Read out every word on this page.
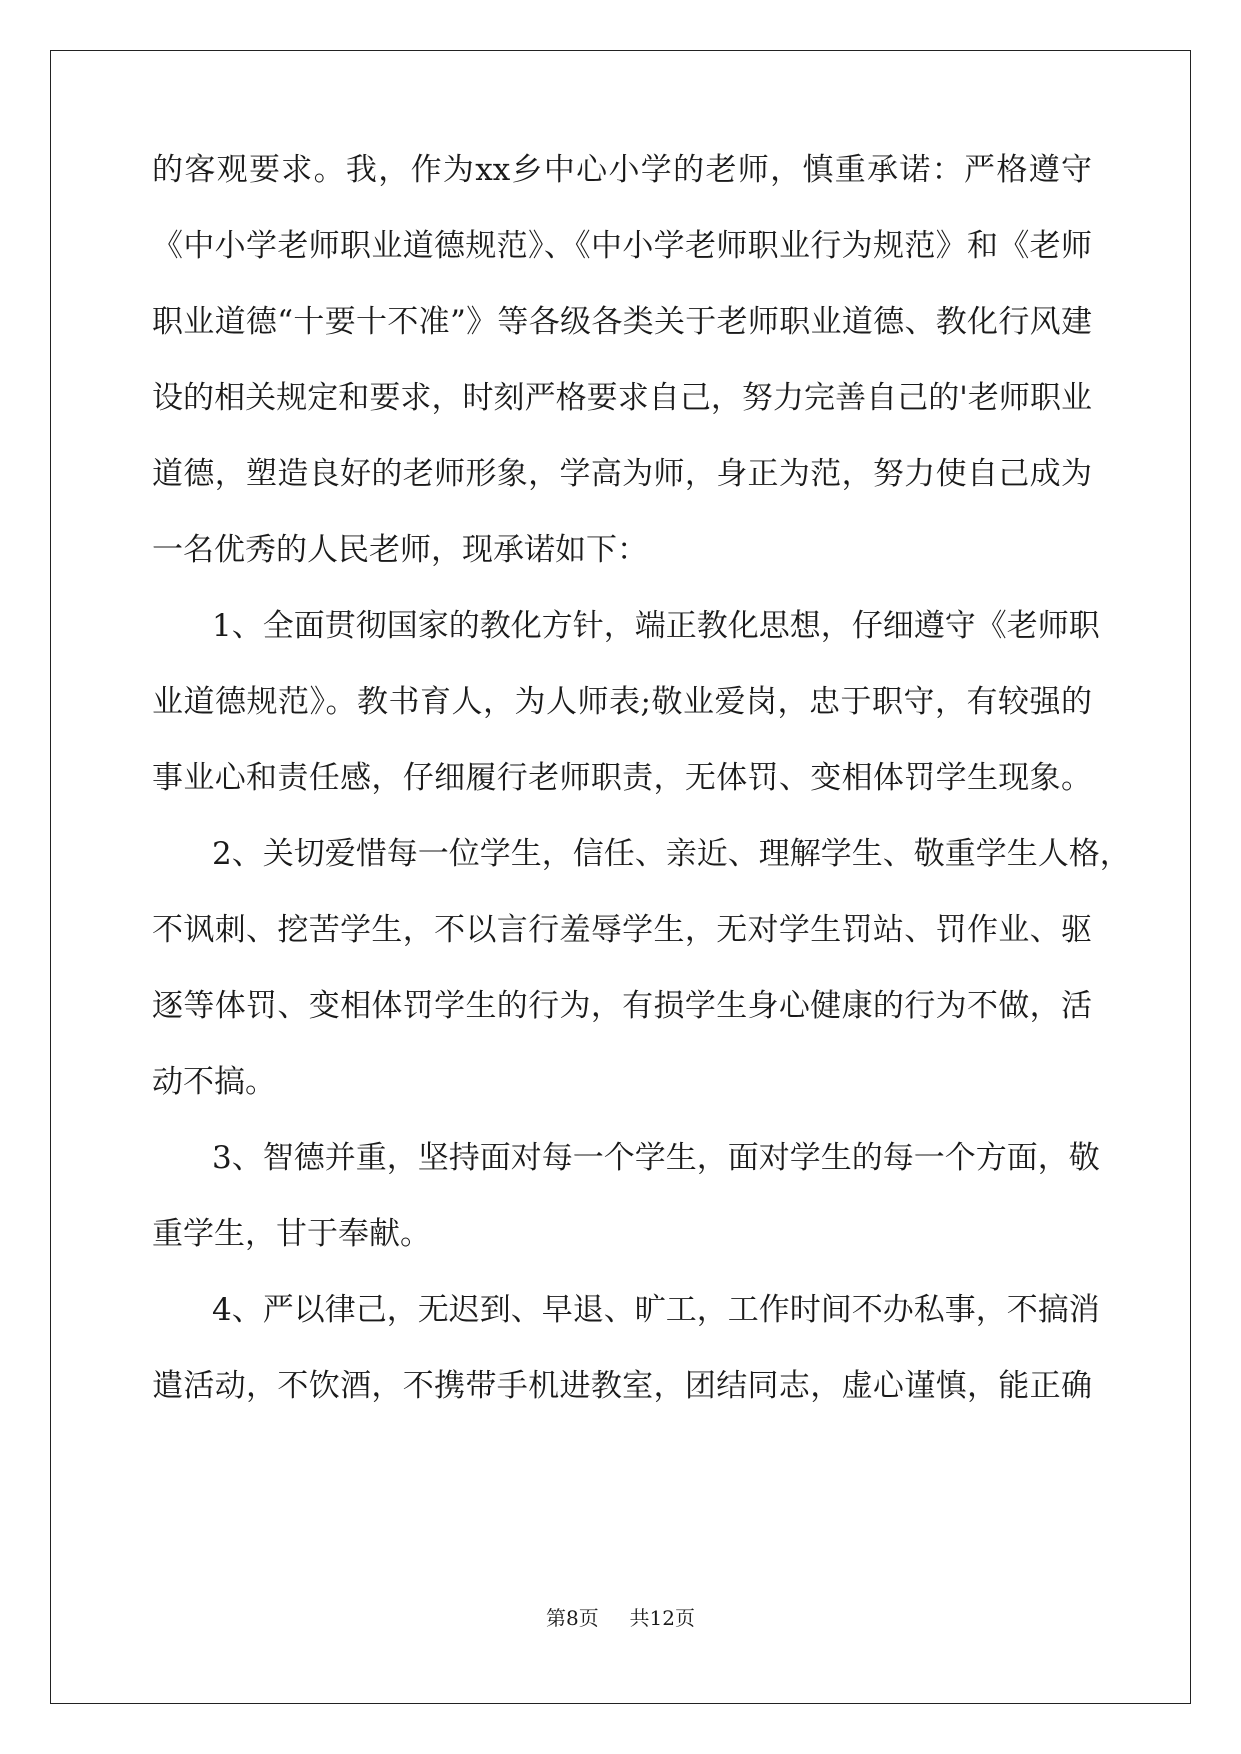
的客观要求。我，作为xx乡中心小学的老师，慎重承诺：严格遵守
《中小学老师职业道德规范》、《中小学老师职业行为规范》和《老师
职业道德“十要十不准”》等各级各类关于老师职业道德、教化行风建
设的相关规定和要求，时刻严格要求自己，努力完善自己的'老师职业
道德，塑造良好的老师形象，学高为师，身正为范，努力使自己成为
一名优秀的人民老师，现承诺如下：
1、全面贯彻国家的教化方针，端正教化思想，仔细遵守《老师职
业道德规范》。教书育人，为人师表;敬业爱岗，忠于职守，有较强的
事业心和责任感，仔细履行老师职责，无体罚、变相体罚学生现象。
2、关切爱惜每一位学生，信任、亲近、理解学生、敬重学生人格，
不讽刺、挖苦学生，不以言行羞辱学生，无对学生罚站、罚作业、驱
逐等体罚、变相体罚学生的行为，有损学生身心健康的行为不做，活
动不搞。
3、智德并重，坚持面对每一个学生，面对学生的每一个方面，敬
重学生，甘于奉献。
4、严以律己，无迟到、早退、旷工，工作时间不办私事，不搞消
遣活动，不饮酒，不携带手机进教室，团结同志，虚心谨慎，能正确
第8页 共12页
